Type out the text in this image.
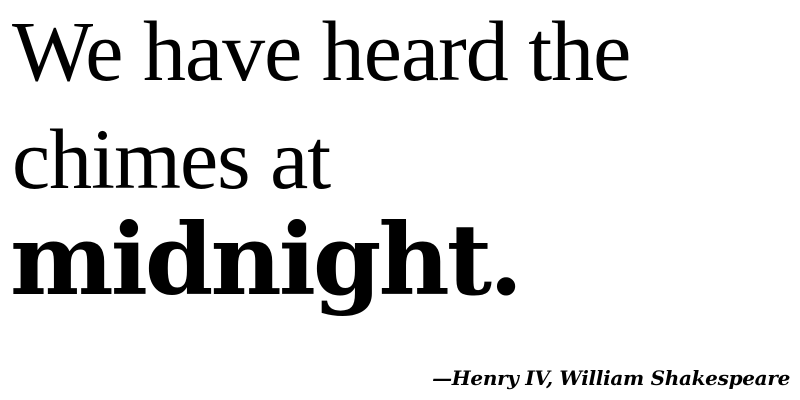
We have heard the

chimes at

midnight.

—Henry IV, William Shakespeare
